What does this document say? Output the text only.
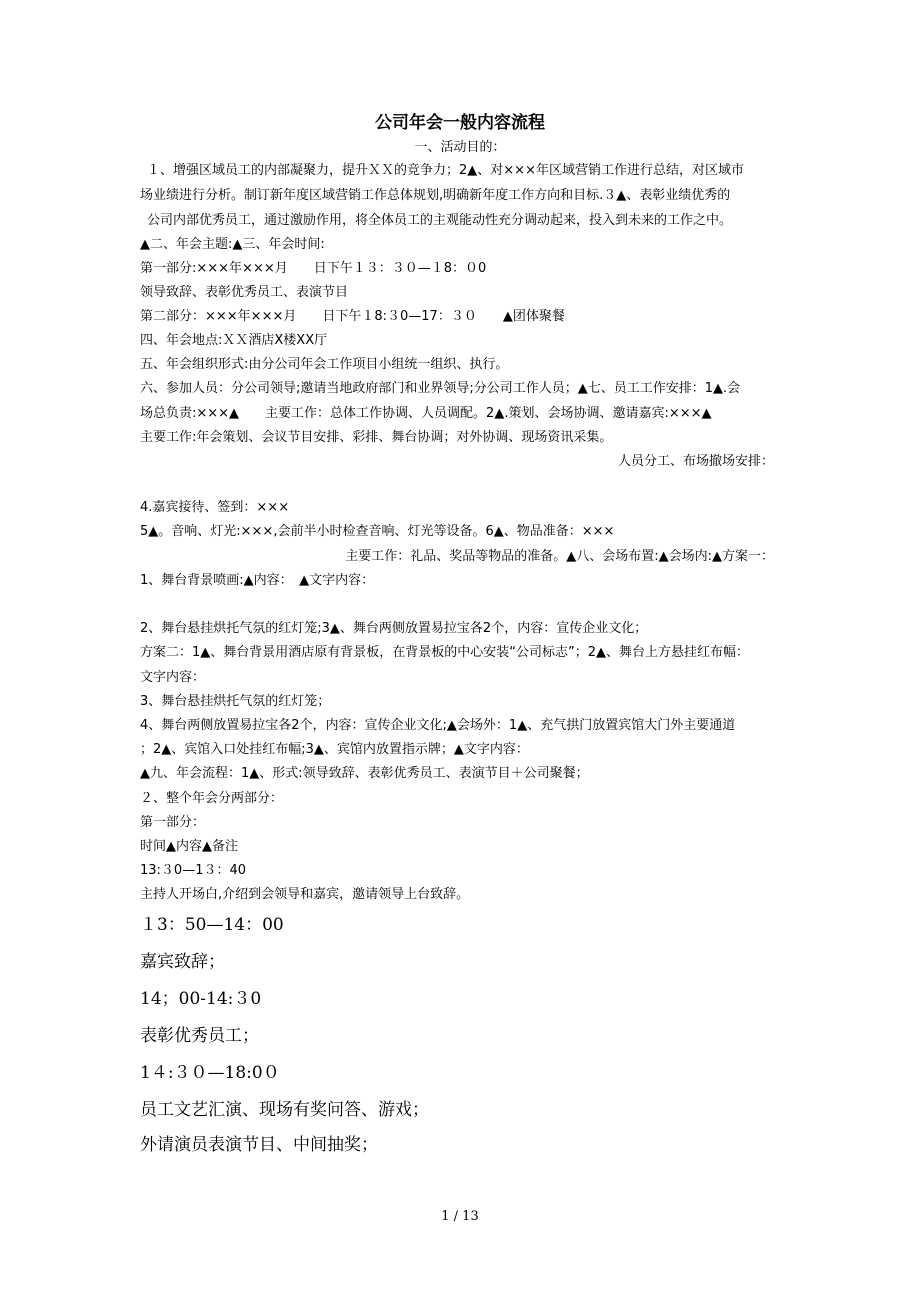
公司年会一般内容流程
一、活动目的：
１、增强区域员工的内部凝聚力，提升ＸＸ的竞争力；2▲、对×××年区域营销工作进行总结，对区域市
场业绩进行分析。制订新年度区域营销工作总体规划,明确新年度工作方向和目标.３▲、表彰业绩优秀的
公司内部优秀员工，通过激励作用，将全体员工的主观能动性充分调动起来，投入到未来的工作之中。
▲二、年会主题:▲三、年会时间:
第一部分:×××年×××月　　日下午１３：３０—１8：０0
领导致辞、表彰优秀员工、表演节目
第二部分：×××年×××月　　日下午１8:３0—17：３０　　▲团体聚餐
四、年会地点:ＸＸ酒店X楼XX厅
五、年会组织形式:由分公司年会工作项目小组统一组织、执行。
六、参加人员：分公司领导;邀请当地政府部门和业界领导;分公司工作人员；▲七、员工工作安排：1▲.会
场总负责:×××▲　　主要工作：总体工作协调、人员调配。2▲.策划、会场协调、邀请嘉宾:×××▲
主要工作:年会策划、会议节目安排、彩排、舞台协调；对外协调、现场资讯采集。
人员分工、布场撤场安排：
4.嘉宾接待、签到：×××
5▲。音响、灯光:×××,会前半小时检查音响、灯光等设备。6▲、物品准备：×××
主要工作：礼品、奖品等物品的准备。▲八、会场布置:▲会场内:▲方案一：
1、舞台背景喷画:▲内容：　▲文字内容：
2、舞台悬挂烘托气氛的红灯笼;3▲、舞台两侧放置易拉宝各2个，内容：宣传企业文化；
方案二：1▲、舞台背景用酒店原有背景板，在背景板的中心安装“公司标志”；2▲、舞台上方悬挂红布幅：
文字内容：
3、舞台悬挂烘托气氛的红灯笼；
4、舞台两侧放置易拉宝各2个，内容：宣传企业文化;▲会场外：1▲、充气拱门放置宾馆大门外主要通道
；2▲、宾馆入口处挂红布幅;3▲、宾馆内放置指示牌；▲文字内容：
▲九、年会流程：1▲、形式:领导致辞、表彰优秀员工、表演节目＋公司聚餐；
２、整个年会分两部分：
第一部分：
时间▲内容▲备注
13:３0—1３：40
主持人开场白,介绍到会领导和嘉宾，邀请领导上台致辞。
１3：50—14：00
嘉宾致辞；
14；00-14:３0
表彰优秀员工；
1４:３０—18:0０
员工文艺汇演、现场有奖问答、游戏；
外请演员表演节目、中间抽奖；
1 / 13
